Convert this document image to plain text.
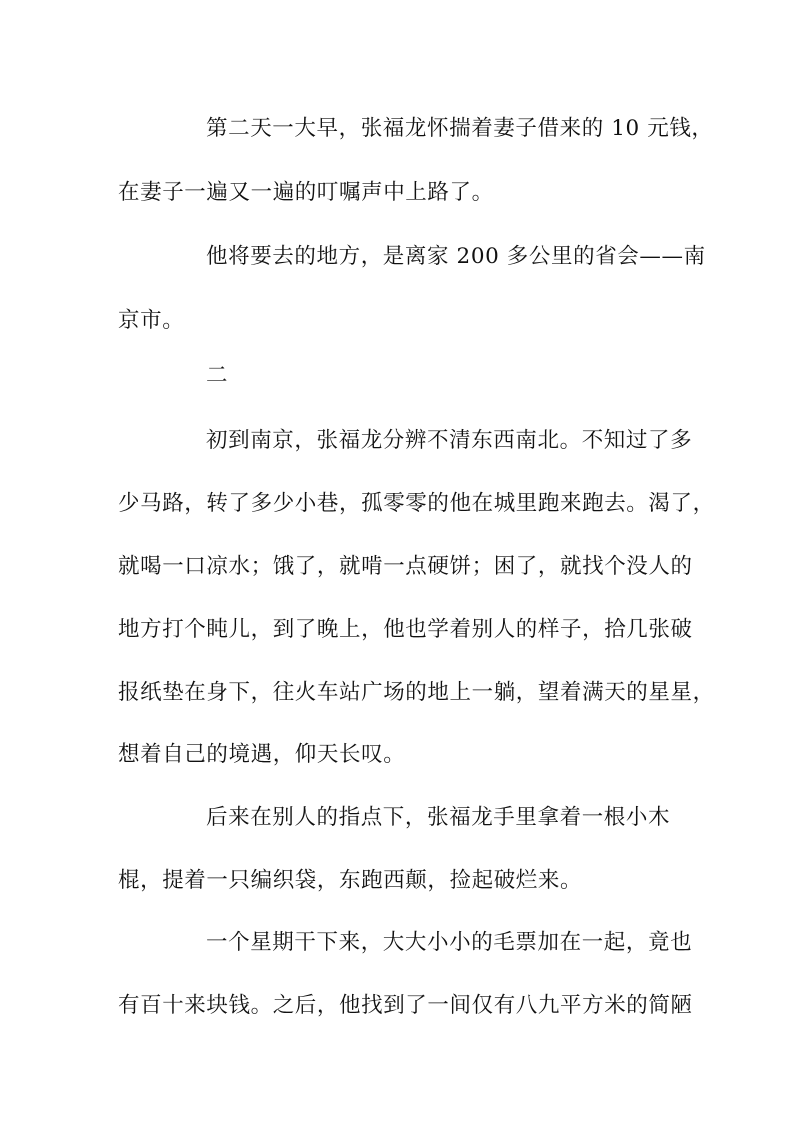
第二天一大早，张福龙怀揣着妻子借来的 10 元钱，
在妻子一遍又一遍的叮嘱声中上路了。
他将要去的地方，是离家 200 多公里的省会——南
京市。
二
初到南京，张福龙分辨不清东西南北。不知过了多
少马路，转了多少小巷，孤零零的他在城里跑来跑去。渴了，
就喝一口凉水；饿了，就啃一点硬饼；困了，就找个没人的
地方打个盹儿，到了晚上，他也学着别人的样子，拾几张破
报纸垫在身下，往火车站广场的地上一躺，望着满天的星星，
想着自己的境遇，仰天长叹。
后来在别人的指点下，张福龙手里拿着一根小木
棍，提着一只编织袋，东跑西颠，捡起破烂来。
一个星期干下来，大大小小的毛票加在一起，竟也
有百十来块钱。之后，他找到了一间仅有八九平方米的简陋
